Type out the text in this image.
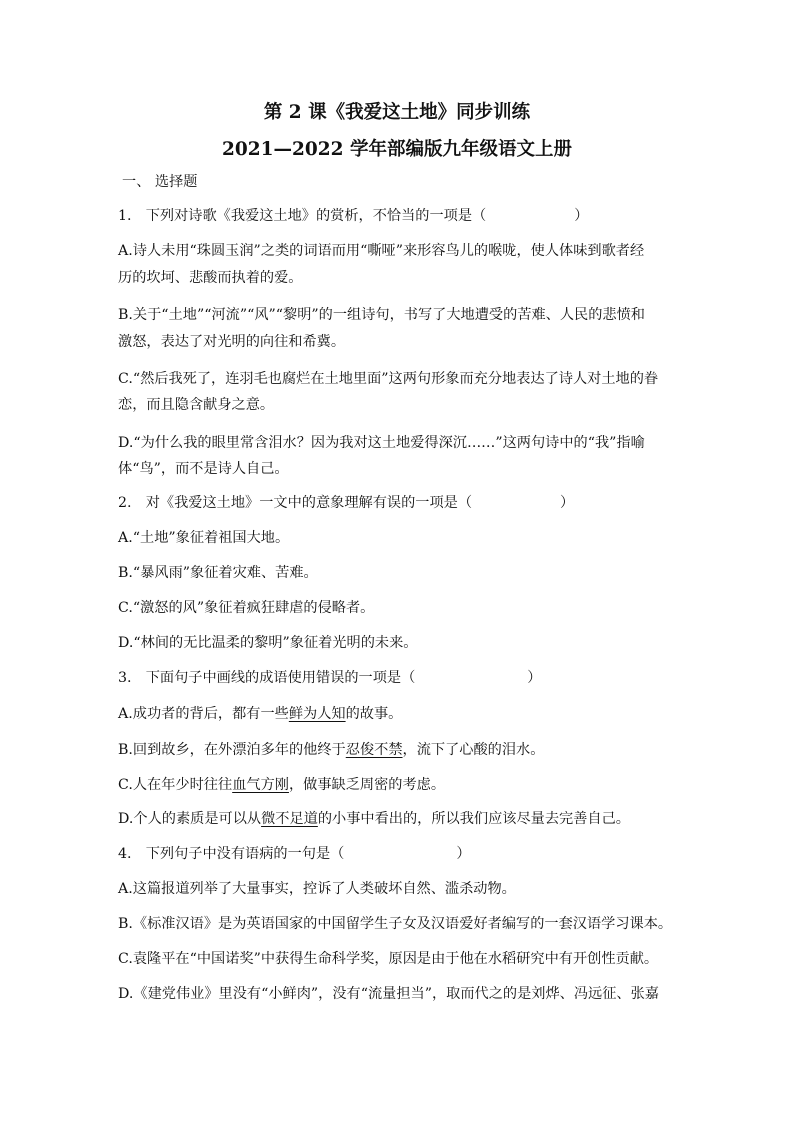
第 2 课《我爱这土地》同步训练
2021—2022 学年部编版九年级语文上册
一、 选择题
1.　下列对诗歌《我爱这土地》的赏析，不恰当的一项是（	）
A.诗人未用“珠圆玉润”之类的词语而用“嘶哑”来形容鸟儿的喉咙，使人体味到歌者经
历的坎坷、悲酸而执着的爱。
B.关于“土地”“河流”“风”“黎明”的一组诗句，书写了大地遭受的苦难、人民的悲愤和
激怒，表达了对光明的向往和希冀。
C.“然后我死了，连羽毛也腐烂在土地里面”这两句形象而充分地表达了诗人对土地的眷
恋，而且隐含献身之意。
D.“为什么我的眼里常含泪水？因为我对这土地爱得深沉……”这两句诗中的“我”指喻
体“鸟”，而不是诗人自己。
2.　对《我爱这土地》一文中的意象理解有误的一项是（	）
A.“土地”象征着祖国大地。
B.“暴风雨”象征着灾难、苦难。
C.“激怒的风”象征着疯狂肆虐的侵略者。
D.“林间的无比温柔的黎明”象征着光明的未来。
3.　下面句子中画线的成语使用错误的一项是（	）
A.成功者的背后，都有一些鲜为人知的故事。
B.回到故乡，在外漂泊多年的他终于忍俊不禁，流下了心酸的泪水。
C.人在年少时往往血气方刚，做事缺乏周密的考虑。
D.个人的素质是可以从微不足道的小事中看出的，所以我们应该尽量去完善自己。
4.　下列句子中没有语病的一句是（	）
A.这篇报道列举了大量事实，控诉了人类破坏自然、滥杀动物。
B.《标准汉语》是为英语国家的中国留学生子女及汉语爱好者编写的一套汉语学习课本。
C.袁隆平在“中国诺奖”中获得生命科学奖，原因是由于他在水稻研究中有开创性贡献。
D.《建党伟业》里没有“小鲜肉”，没有“流量担当”，取而代之的是刘烨、冯远征、张嘉
